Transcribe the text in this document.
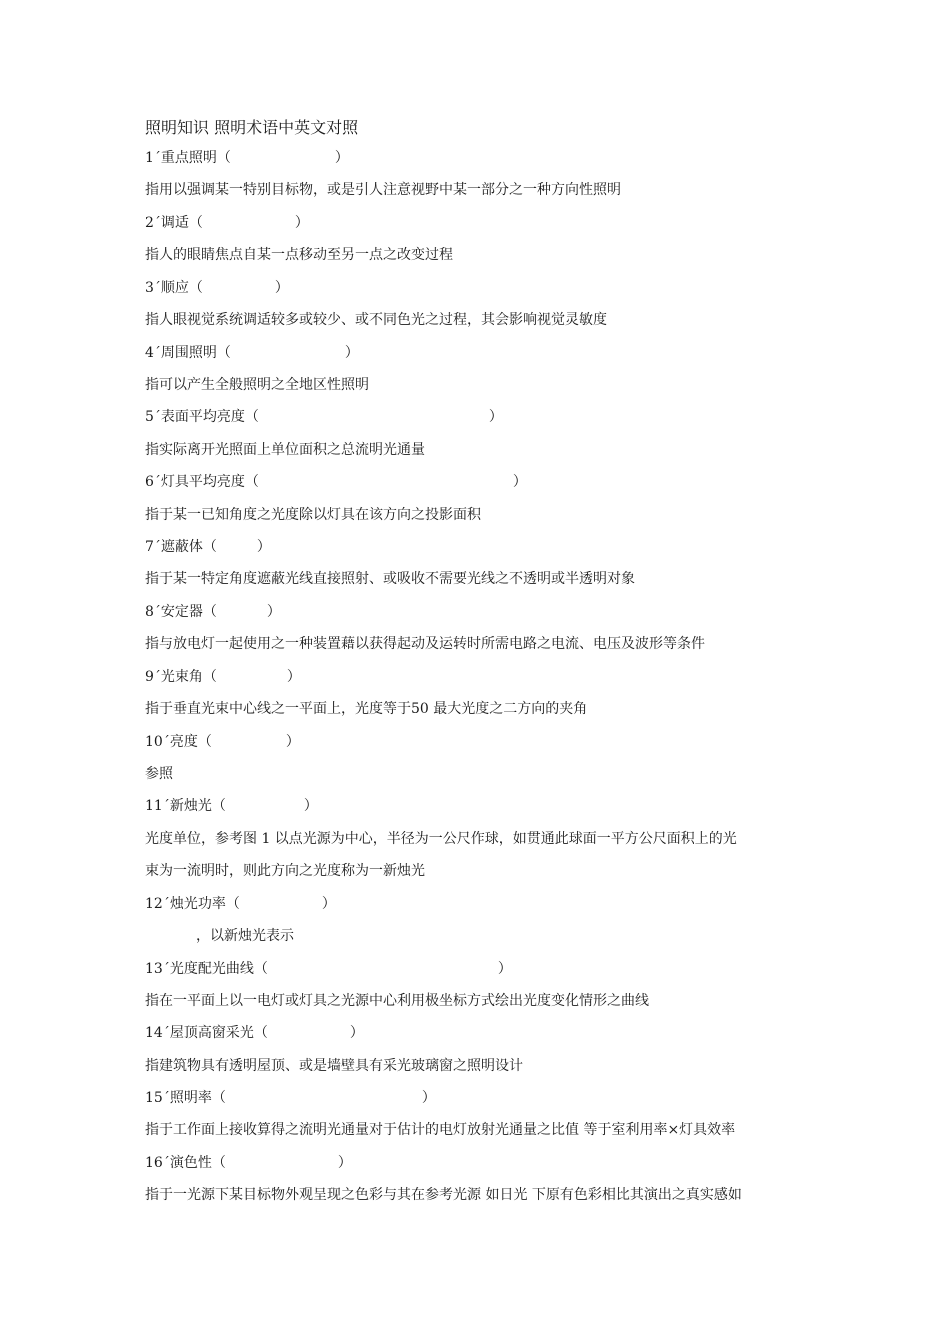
照明知识 照明术语中英文对照
1ˊ重点照明（	）
指用以强调某一特别目标物，或是引人注意视野中某一部分之一种方向性照明
2ˊ调适（	）
指人的眼睛焦点自某一点移动至另一点之改变过程
3ˊ顺应（	）
指人眼视觉系统调适较多或较少、或不同色光之过程，其会影响视觉灵敏度
4ˊ周围照明（	）
指可以产生全般照明之全地区性照明
5ˊ表面平均亮度（	）
指实际离开光照面上单位面积之总流明光通量
6ˊ灯具平均亮度（	）
指于某一已知角度之光度除以灯具在该方向之投影面积
7ˊ遮蔽体（	）
指于某一特定角度遮蔽光线直接照射、或吸收不需要光线之不透明或半透明对象
8ˊ安定器（	）
指与放电灯一起使用之一种装置藉以获得起动及运转时所需电路之电流、电压及波形等条件
9ˊ光束角（	）
指于垂直光束中心线之一平面上，光度等于50 最大光度之二方向的夹角
10ˊ亮度（	）
参照
11ˊ新烛光（	）
光度单位，参考图 1 以点光源为中心，半径为一公尺作球，如贯通此球面一平方公尺面积上的光
束为一流明时，则此方向之光度称为一新烛光
12ˊ烛光功率（	）
，以新烛光表示
13ˊ光度配光曲线（	）
指在一平面上以一电灯或灯具之光源中心利用极坐标方式绘出光度变化情形之曲线
14ˊ屋顶高窗采光（	）
指建筑物具有透明屋顶、或是墙壁具有采光玻璃窗之照明设计
15ˊ照明率（	）
指于工作面上接收算得之流明光通量对于估计的电灯放射光通量之比值 等于室利用率×灯具效率
16ˊ演色性（	）
指于一光源下某目标物外观呈现之色彩与其在参考光源 如日光 下原有色彩相比其演出之真实感如
